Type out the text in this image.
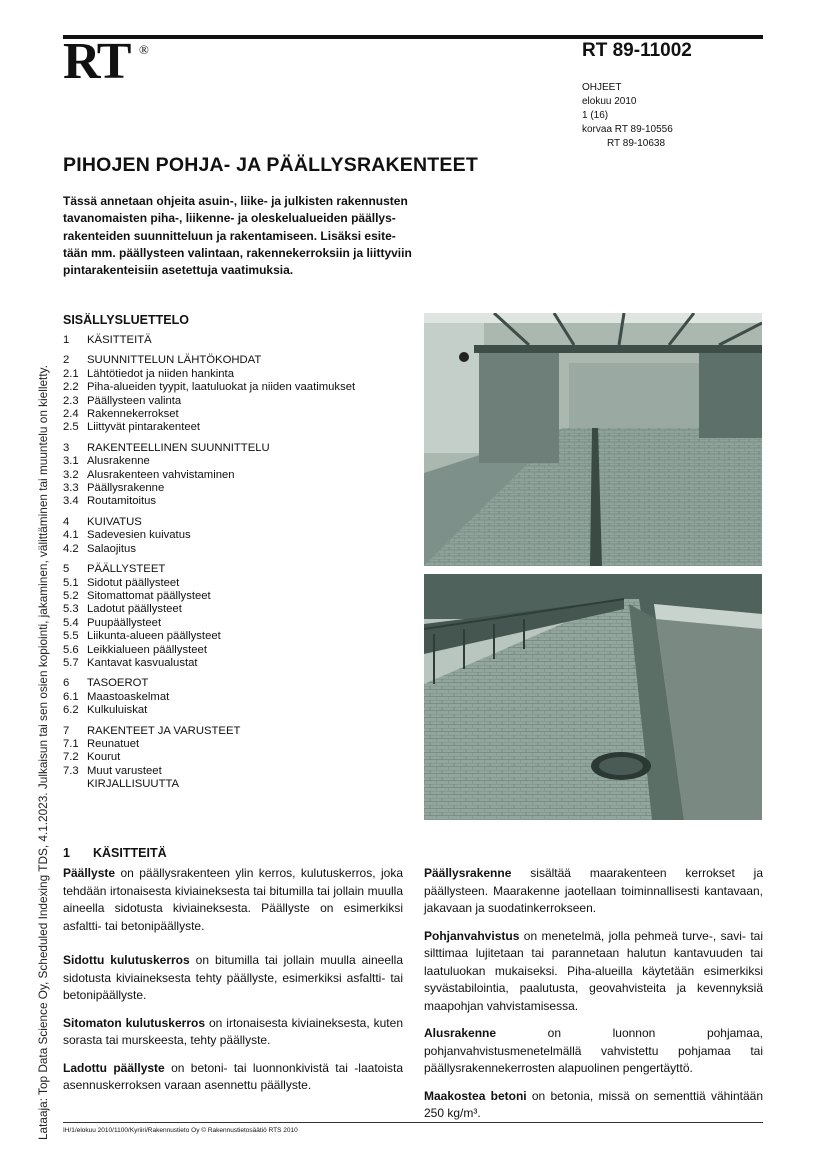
RT ®	RT 89-11002
OHJEET
elokuu 2010
1 (16)
korvaa RT 89-10556
RT 89-10638
PIHOJEN POHJA- JA PÄÄLLYSRAKENTEET
Tässä annetaan ohjeita asuin-, liike- ja julkisten rakennusten
tavanomaisten piha-, liikenne- ja oleskelualueiden päällys-
rakenteiden suunnitteluun ja rakentamiseen. Lisäksi esite-
tään mm. päällysteen valintaan, rakennekerroksiin ja liittyviin
pintarakenteisiin asetettuja vaatimuksia.
SISÄLLYSLUETTELO
1	KÄSITTEITÄ
2	SUUNNITTELUN LÄHTÖKOHDAT
2.1 Lähtötiedot ja niiden hankinta
2.2 Piha-alueiden tyypit, laatuluokat ja niiden vaatimukset
2.3 Päällysteen valinta
2.4 Rakennekerrokset
2.5 Liittyvät pintarakenteet
3	RAKENTEELLINEN SUUNNITTELU
3.1 Alusrakenne
3.2 Alusrakenteen vahvistaminen
3.3 Päällysrakenne
3.4 Routamitoitus
4	KUIVATUS
4.1 Sadevesien kuivatus
4.2 Salaojitus
5	PÄÄLLYSTEET
5.1 Sidotut päällysteet
5.2 Sitomattomat päällysteet
5.3 Ladotut päällysteet
5.4 Puupäällysteet
5.5 Liikunta-alueen päällysteet
5.6 Leikkialueen päällysteet
5.7 Kantavat kasvualustat
6	TASOEROT
6.1 Maastoaskelmat
6.2 Kulkuluiskat
7	RAKENTEET JA VARUSTEET
7.1 Reunatuet
7.2 Kourut
7.3 Muut varusteet
KIRJALLISUUTTA
1 KÄSITTEITÄ

Päällyste on päällysrakenteen ylin kerros, kulutuskerros, joka tehdään irtonaisesta kiviaineksesta tai bitumilla tai jollain muulla aineella sidotusta kiviaineksesta. Päällyste on esimerkiksi asfaltti- tai betonipäällyste.

Sidottu kulutuskerros on bitumilla tai jollain muulla aineella sidotusta kiviaineksesta tehty päällyste, esimerkiksi asfaltti- tai betonipäällyste.

Sitomaton kulutuskerros on irtonaisesta kiviaineksesta, kuten sorasta tai murskeesta, tehty päällyste.

Ladottu päällyste on betoni- tai luonnonkivistä tai -laatoista asennuskerroksen varaan asennettu päällyste.

Päällysrakenne sisältää maarakenteen kerrokset ja päällysteen. Maarakenne jaotellaan toiminnallisesti kantavaan, jakavaan ja suodatinkerrokseen.

Pohjanvahvistus on menetelmä, jolla pehmeä turve-, savi- tai silttimaa lujitetaan tai parannetaan halutun kantavuuden tai laatuluokan mukaiseksi. Piha-alueilla käytetään esimerkiksi syvästabilointia, paalutusta, geovahvisteita ja kevennyksiä maapohjan vahvistamisessa.

Alusrakenne on luonnon pohjamaa, pohjanvahvistusmenetelmällä vahvistettu pohjamaa tai päällysrakennekerrosten alapuolinen pengertäyttö.

Maakostea betoni on betonia, missä on sementtiä vähintään 250 kg/m³.

IH/1/elokuu 2010/1100/Kyriiri/Rakennustieto Oy © Rakennustietosäätiö RTS 2010
Lataaja: Top Data Science Oy, Scheduled Indexing TDS, 4.1.2023. Julkaisun tai sen osien kopiointi, jakaminen, välittäminen tai muuntelu on kielletty.
